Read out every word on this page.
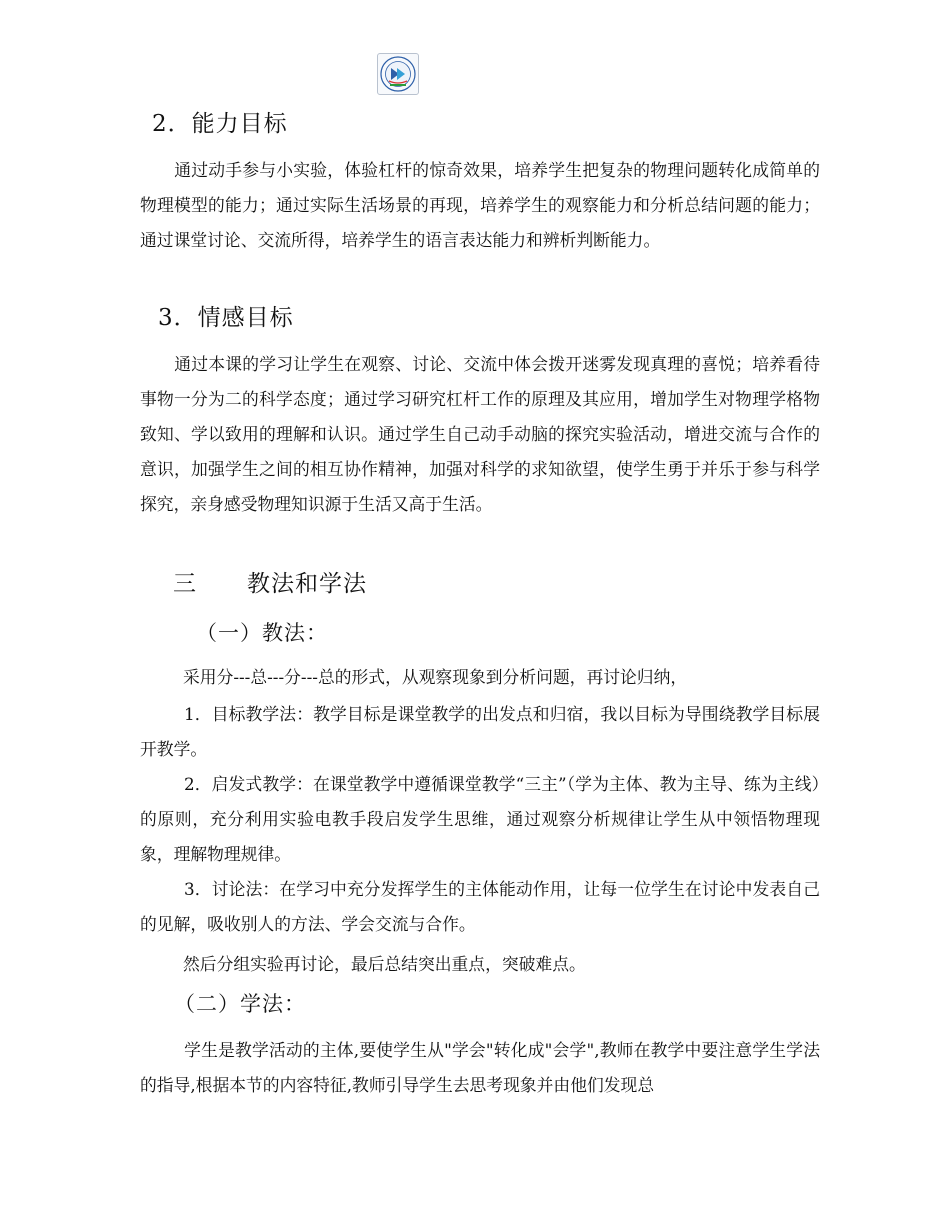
2．能力目标
通过动手参与小实验，体验杠杆的惊奇效果，培养学生把复杂的物理问题转化成简单的物理模型的能力；通过实际生活场景的再现，培养学生的观察能力和分析总结问题的能力；通过课堂讨论、交流所得，培养学生的语言表达能力和辨析判断能力。
3．情感目标
通过本课的学习让学生在观察、讨论、交流中体会拨开迷雾发现真理的喜悦；培养看待事物一分为二的科学态度；通过学习研究杠杆工作的原理及其应用，增加学生对物理学格物致知、学以致用的理解和认识。通过学生自己动手动脑的探究实验活动，增进交流与合作的意识，加强学生之间的相互协作精神，加强对科学的求知欲望，使学生勇于并乐于参与科学探究，亲身感受物理知识源于生活又高于生活。
三 教法和学法
（一）教法：
采用分---总---分---总的形式，从观察现象到分析问题，再讨论归纳，
1．目标教学法：教学目标是课堂教学的出发点和归宿，我以目标为导围绕教学目标展开教学。
2．启发式教学：在课堂教学中遵循课堂教学“三主”（学为主体、教为主导、练为主线）的原则，充分利用实验电教手段启发学生思维，通过观察分析规律让学生从中领悟物理现象，理解物理规律。
3．讨论法：在学习中充分发挥学生的主体能动作用，让每一位学生在讨论中发表自己的见解，吸收别人的方法、学会交流与合作。
然后分组实验再讨论，最后总结突出重点，突破难点。
（二）学法：
学生是教学活动的主体,要使学生从"学会"转化成"会学",教师在教学中要注意学生学法的指导,根据本节的内容特征,教师引导学生去思考现象并由他们发现总
